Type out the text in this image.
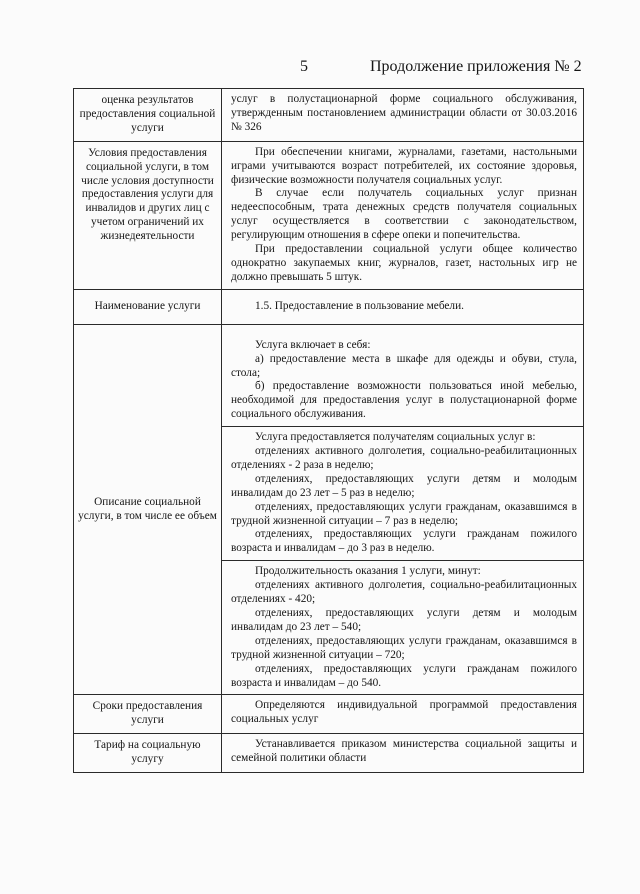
5	Продолжение приложения № 2
оценка результатов предоставления социальной услуги	услуг в полустационарной форме социального обслуживания, утвержденным постановлением администрации области от 30.03.2016 № 326

Условия предоставления социальной услуги, в том числе условия доступности предоставления услуги для инвалидов и других лиц с учетом ограничений их жизнедеятельности	При обеспечении книгами, журналами, газетами, настольными играми учитываются возраст потребителей, их состояние здоровья, физические возможности получателя социальных услуг.

В случае если получатель социальных услуг признан недееспособным, трата денежных средств получателя социальных услуг осуществляется в соответствии с законодательством, регулирующим отношения в сфере опеки и попечительства.

При предоставлении социальной услуги общее количество однократно закупаемых книг, журналов, газет, настольных игр не должно превышать 5 штук.

Наименование услуги	1.5. Предоставление в пользование мебели.

Описание социальной услуги, в том числе ее объем	Услуга включает в себя:

а) предоставление места в шкафе для одежды и обуви, стула, стола;

б) предоставление возможности пользоваться иной мебелью, необходимой для предоставления услуг в полустационарной форме социального обслуживания.

	Услуга предоставляется получателям социальных услуг в:

отделениях активного долголетия, социально-реабилитационных отделениях - 2 раза в неделю;

отделениях, предоставляющих услуги детям и молодым инвалидам до 23 лет – 5 раз в неделю;

отделениях, предоставляющих услуги гражданам, оказавшимся в трудной жизненной ситуации – 7 раз в неделю;

отделениях, предоставляющих услуги гражданам пожилого возраста и инвалидам – до 3 раз в неделю.

	Продолжительность оказания 1 услуги, минут:

отделениях активного долголетия, социально-реабилитационных отделениях - 420;

отделениях, предоставляющих услуги детям и молодым инвалидам до 23 лет – 540;

отделениях, предоставляющих услуги гражданам, оказавшимся в трудной жизненной ситуации – 720;

отделениях, предоставляющих услуги гражданам пожилого возраста и инвалидам – до 540.

Сроки предоставления услуги	Определяются индивидуальной программой предоставления социальных услуг

Тариф на социальную услугу	Устанавливается приказом министерства социальной защиты и семейной политики области
